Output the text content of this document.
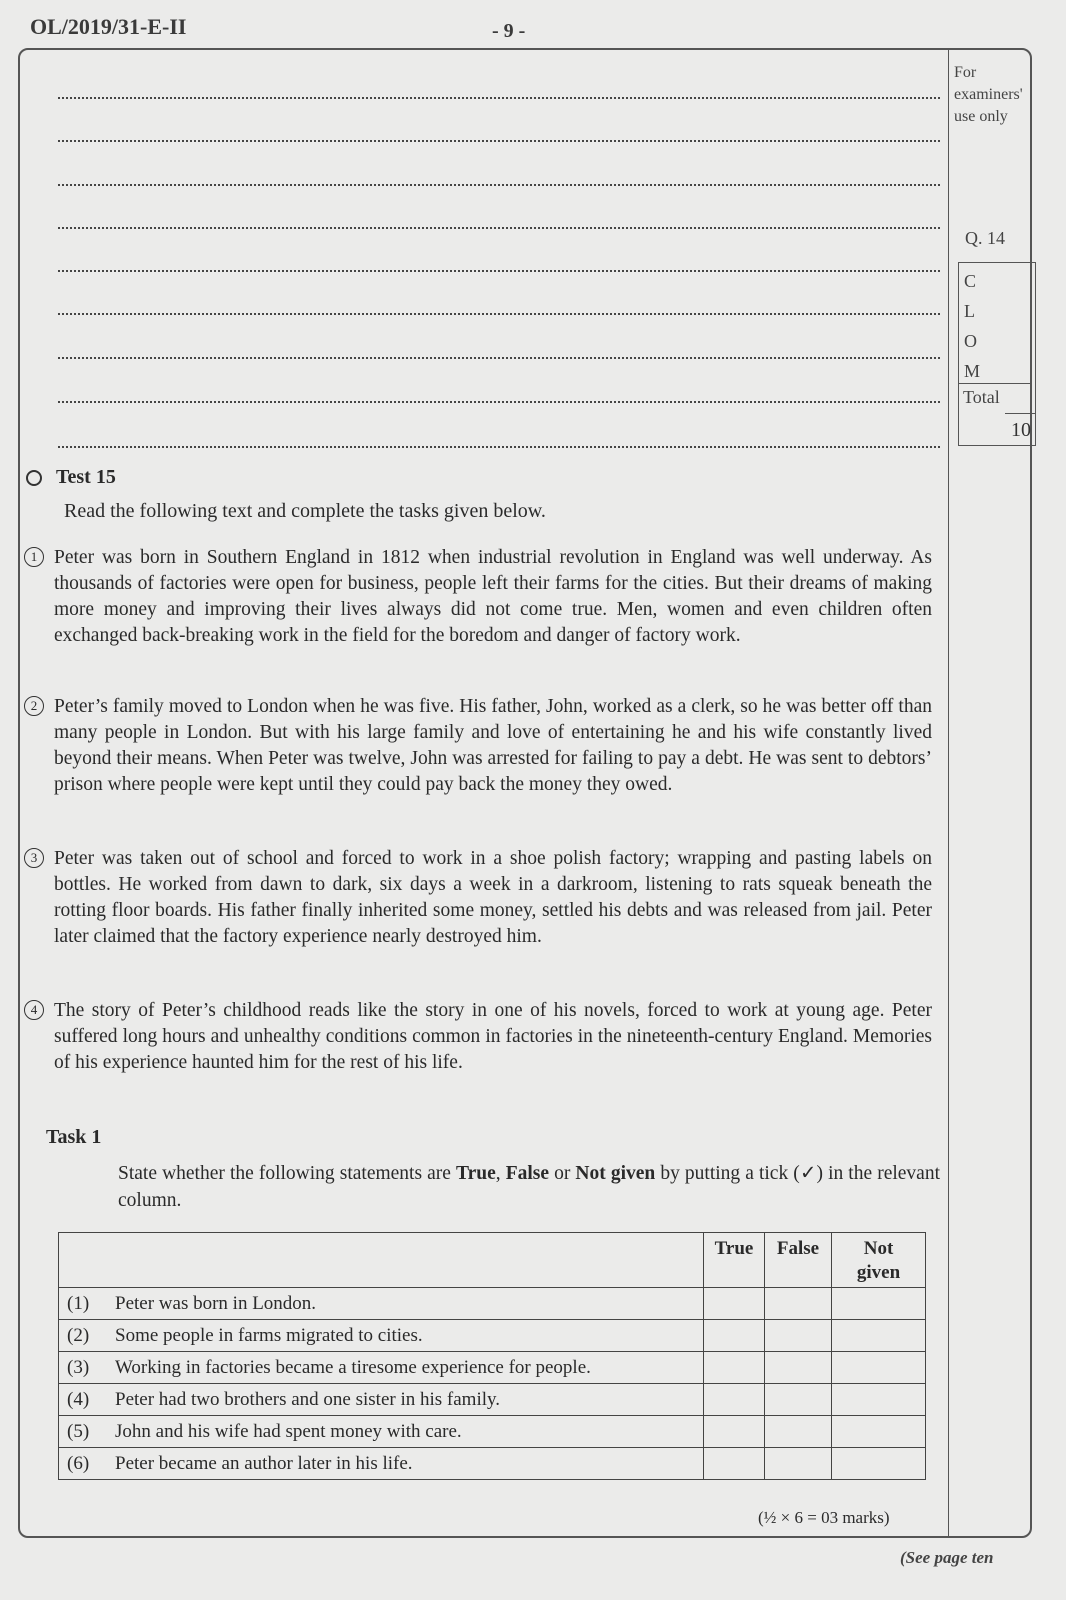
OL/2019/31-E-II	- 9 -
For examiners' use only
Q. 14
C
L
O
M
Total
10
Test 15
Read the following text and complete the tasks given below.
1 Peter was born in Southern England in 1812 when industrial revolution in England was well underway. As thousands of factories were open for business, people left their farms for the cities. But their dreams of making more money and improving their lives always did not come true. Men, women and even children often exchanged back-breaking work in the field for the boredom and danger of factory work.
2 Peter’s family moved to London when he was five. His father, John, worked as a clerk, so he was better off than many people in London. But with his large family and love of entertaining he and his wife constantly lived beyond their means. When Peter was twelve, John was arrested for failing to pay a debt. He was sent to debtors’ prison where people were kept until they could pay back the money they owed.
3 Peter was taken out of school and forced to work in a shoe polish factory; wrapping and pasting labels on bottles. He worked from dawn to dark, six days a week in a darkroom, listening to rats squeak beneath the rotting floor boards. His father finally inherited some money, settled his debts and was released from jail. Peter later claimed that the factory experience nearly destroyed him.
4 The story of Peter’s childhood reads like the story in one of his novels, forced to work at young age. Peter suffered long hours and unhealthy conditions common in factories in the nineteenth-century England. Memories of his experience haunted him for the rest of his life.
Task 1
State whether the following statements are True, False or Not given by putting a tick (✓) in the relevant column.
	True	False	Not given
(1) Peter was born in London.			
(2) Some people in farms migrated to cities.			
(3) Working in factories became a tiresome experience for people.			
(4) Peter had two brothers and one sister in his family.			
(5) John and his wife had spent money with care.			
(6) Peter became an author later in his life.			
(½ × 6 = 03 marks)
(See page ten
